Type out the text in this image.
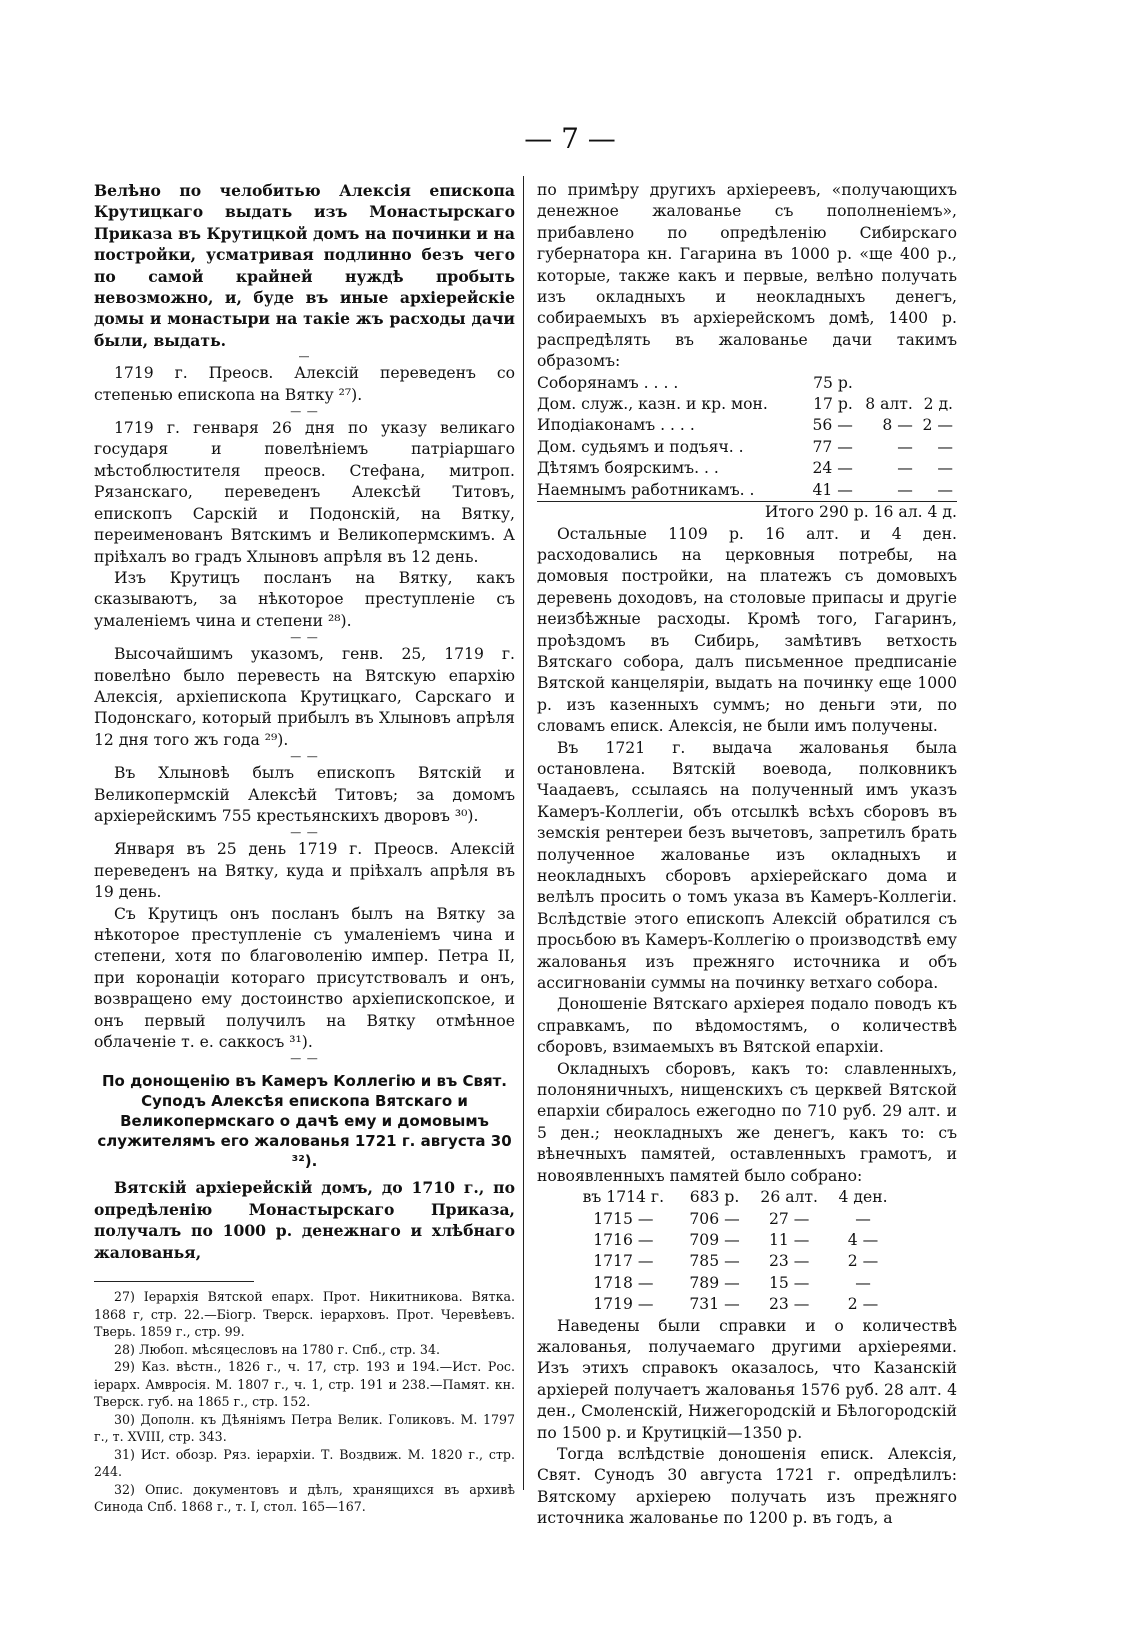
— 7 —

Велѣно по челобитью Алексія епископа Крутицкаго выдать изъ Монастырскаго Приказа въ Крутицкой домъ на починки и на постройки, усматривая подлинно безъ чего по самой крайней нуждѣ пробыть невозможно, и, буде въ иные архіерейскіе домы и монастыри на такіе жъ расходы дачи были, выдать.

—

1719 г. Преосв. Алексій переведенъ со степенью епископа на Вятку ²⁷).

— —

1719 г. генваря 26 дня по указу великаго государя и повелѣніемъ патріаршаго мѣстоблюстителя преосв. Стефана, митроп. Рязанскаго, переведенъ Алексѣй Титовъ, епископъ Сарскій и Подонскій, на Вятку, переименованъ Вятскимъ и Великопермскимъ. А пріѣхалъ во градъ Хлыновъ апрѣля въ 12 день.

Изъ Крутицъ посланъ на Вятку, какъ сказываютъ, за нѣкоторое преступленіе съ умаленіемъ чина и степени ²⁸).

— —

Высочайшимъ указомъ, генв. 25, 1719 г. повелѣно было перевесть на Вятскую епархію Алексія, архіепископа Крутицкаго, Сарскаго и Подонскаго, который прибылъ въ Хлыновъ апрѣля 12 дня того жъ года ²⁹).

— —

Въ Хлыновѣ былъ епископъ Вятскій и Великопермскій Алексѣй Титовъ; за домомъ архіерейскимъ 755 крестьянскихъ дворовъ ³⁰).

— —

Января въ 25 день 1719 г. Преосв. Алексій переведенъ на Вятку, куда и пріѣхалъ апрѣля въ 19 день.

Съ Крутицъ онъ посланъ былъ на Вятку за нѣкоторое преступленіе съ умаленіемъ чина и степени, хотя по благоволенію импер. Петра II, при коронаціи котораго присутствовалъ и онъ, возвращено ему достоинство архіепископское, и онъ первый получилъ на Вятку отмѣнное облаченіе т. е. саккосъ ³¹).

— —
По донощенію въ Камеръ Коллегію и въ Свят. Суподъ Алексѣя епископа Вятскаго и Великопермскаго о дачѣ ему и домовымъ служителямъ его жалованья 1721 г. августа 30 ³²).

Вятскій архіерейскій домъ, до 1710 г., по опредѣленію Монастырскаго Приказа, получалъ по 1000 р. денежнаго и хлѣбнаго жалованья,

27) Іерархія Вятской епарх. Прот. Никитникова. Вятка. 1868 г, стр. 22.—Біогр. Тверск. іерарховъ. Прот. Черевѣевъ. Тверь. 1859 г., стр. 99.

28) Любоп. мѣсяцесловъ на 1780 г. Спб., стр. 34.

29) Каз. вѣстн., 1826 г., ч. 17, стр. 193 и 194.—Ист. Рос. іерарх. Амвросія. М. 1807 г., ч. 1, стр. 191 и 238.—Памят. кн. Тверск. губ. на 1865 г., стр. 152.

30) Дополн. къ Дѣяніямъ Петра Велик. Голиковъ. М. 1797 г., т. XVIII, стр. 343.

31) Ист. обозр. Ряз. іерархіи. Т. Воздвиж. М. 1820 г., стр. 244.

32) Опис. документовъ и дѣлъ, хранящихся въ архивѣ Синода Спб. 1868 г., т. I, стол. 165—167.

по примѣру другихъ архіереевъ, «получающихъ денежное жалованье съ пополненіемъ», прибавлено по опредѣленію Сибирскаго губернатора кн. Гагарина въ 1000 р. «ще 400 р., которые, также какъ и первые, велѣно получать изъ окладныхъ и неокладныхъ денегъ, собираемыхъ въ архіерейскомъ домѣ, 1400 р. распредѣлять въ жалованье дачи такимъ образомъ:

Соборянамъ . . . .	75 р.		
Дом. служ., казн. и кр. мон.	17 р.	8 алт.	2 д.
Иподіаконамъ . . . .	56 —	8 —	2 —
Дом. судьямъ и подъяч. .	77 —	—	—
Дѣтямъ боярскимъ. . .	24 —	—	—
Наемнымъ работникамъ. .	41 —	—	—
Итого 290 р. 16 ал. 4 д.

Остальные 1109 р. 16 алт. и 4 ден. расходовались на церковныя потребы, на домовыя постройки, на платежъ съ домовыхъ деревень доходовъ, на столовые припасы и другіе неизбѣжные расходы. Кромѣ того, Гагаринъ, проѣздомъ въ Сибирь, замѣтивъ ветхость Вятскаго собора, далъ письменное предписаніе Вятской канцеляріи, выдать на починку еще 1000 р. изъ казенныхъ суммъ; но деньги эти, по словамъ еписк. Алексія, не были имъ получены.

Въ 1721 г. выдача жалованья была остановлена. Вятскій воевода, полковникъ Чаадаевъ, ссылаясь на полученный имъ указъ Камеръ-Коллегіи, объ отсылкѣ всѣхъ сборовъ въ земскія рентереи безъ вычетовъ, запретилъ брать полученное жалованье изъ окладныхъ и неокладныхъ сборовъ архіерейскаго дома и велѣлъ просить о томъ указа въ Камеръ-Коллегіи. Вслѣдствіе этого епископъ Алексій обратился съ просьбою въ Камеръ-Коллегію о производствѣ ему жалованья изъ прежняго источника и объ ассигнованіи суммы на починку ветхаго собора.

Доношеніе Вятскаго архіерея подало поводъ къ справкамъ, по вѣдомостямъ, о количествѣ сборовъ, взимаемыхъ въ Вятской епархіи.

Окладныхъ сборовъ, какъ то: славленныхъ, полоняничныхъ, нищенскихъ съ церквей Вятской епархіи сбиралось ежегодно по 710 руб. 29 алт. и 5 ден.; неокладныхъ же денегъ, какъ то: съ вѣнечныхъ памятей, оставленныхъ грамотъ, и новоявленныхъ памятей было собрано:

въ 1714 г.	683 р.	26 алт.	4 ден.
1715 —	706 —	27 —	—
1716 —	709 —	11 —	4 —
1717 —	785 —	23 —	2 —
1718 —	789 —	15 —	—
1719 —	731 —	23 —	2 —

Наведены были справки и о количествѣ жалованья, получаемаго другими архіереями. Изъ этихъ справокъ оказалось, что Казанскій архіерей получаетъ жалованья 1576 руб. 28 алт. 4 ден., Смоленскій, Нижегородскій и Бѣлогородскій по 1500 р. и Крутицкій—1350 р.

Тогда вслѣдствіе доношенія еписк. Алексія, Свят. Сунодъ 30 августа 1721 г. опредѣлилъ: Вятскому архіерею получать изъ прежняго источника жалованье по 1200 р. въ годъ, а
